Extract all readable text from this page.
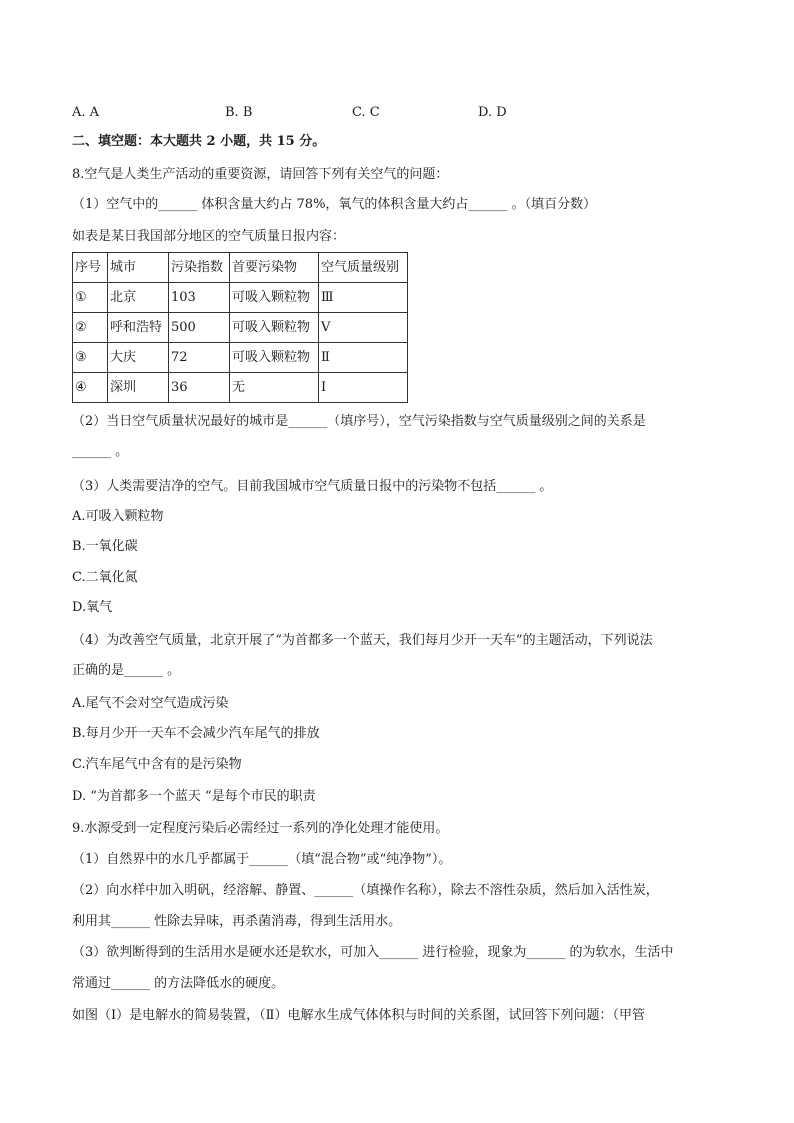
A. A	B. B	C. C	D. D
二、填空题：本大题共 2 小题，共 15 分。
8.空气是人类生产活动的重要资源，请回答下列有关空气的问题：
（1）空气中的______ 体积含量大约占 78%，氧气的体积含量大约占______ 。（填百分数）
如表是某日我国部分地区的空气质量日报内容：
序号	城市	污染指数	首要污染物	空气质量级别
①	北京	103	可吸入颗粒物	Ⅲ
②	呼和浩特	500	可吸入颗粒物	Ⅴ
③	大庆	72	可吸入颗粒物	Ⅱ
④	深圳	36	无	Ⅰ
（2）当日空气质量状况最好的城市是______（填序号），空气污染指数与空气质量级别之间的关系是
______ 。
（3）人类需要洁净的空气。目前我国城市空气质量日报中的污染物不包括______ 。
A.可吸入颗粒物
B.一氧化碳
C.二氧化氮
D.氧气
（4）为改善空气质量，北京开展了“为首都多一个蓝天，我们每月少开一天车”的主题活动，下列说法
正确的是______ 。
A.尾气不会对空气造成污染
B.每月少开一天车不会减少汽车尾气的排放
C.汽车尾气中含有的是污染物
D. “为首都多一个蓝天 “是每个市民的职责
9.水源受到一定程度污染后必需经过一系列的净化处理才能使用。
（1）自然界中的水几乎都属于______（填“混合物”或“纯净物”）。
（2）向水样中加入明矾，经溶解、静置、______（填操作名称），除去不溶性杂质，然后加入活性炭，
利用其______ 性除去异味，再杀菌消毒，得到生活用水。
（3）欲判断得到的生活用水是硬水还是软水，可加入______ 进行检验，现象为______ 的为软水，生活中
常通过______ 的方法降低水的硬度。
如图（Ⅰ）是电解水的简易装置，（Ⅱ）电解水生成气体体积与时间的关系图，试回答下列问题：（甲管
